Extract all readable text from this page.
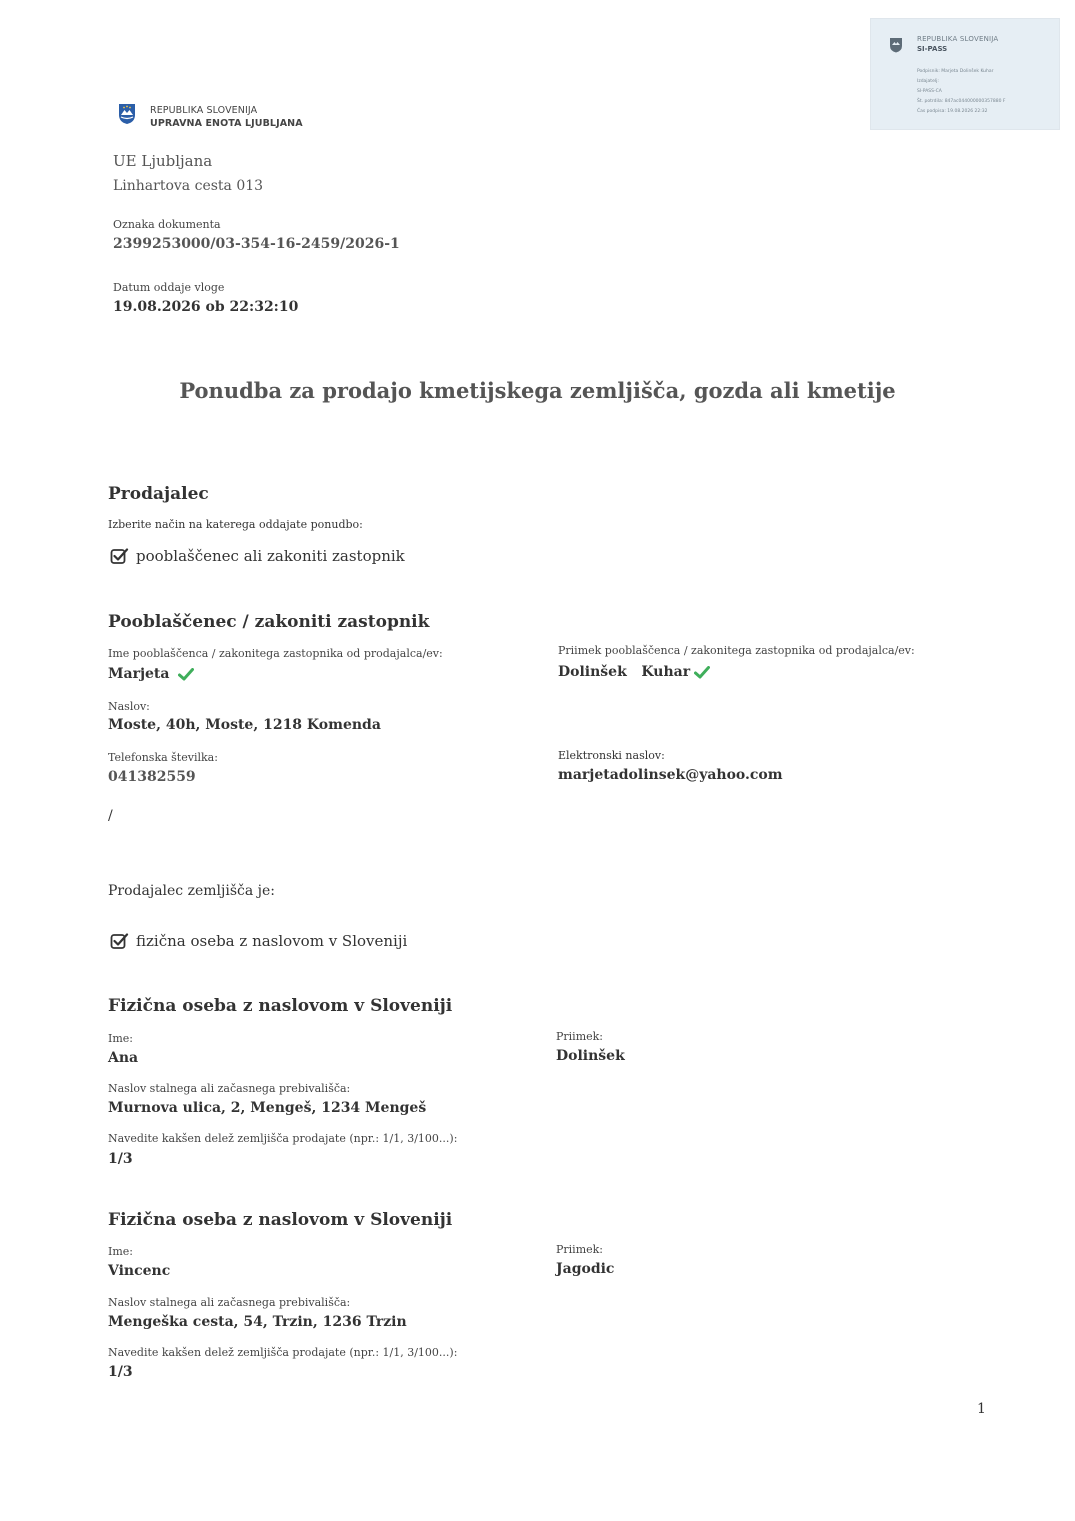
REPUBLIKA SLOVENIJA
SI-PASS
Podpisnik: Marjeta Dolinšek Kuhar
Izdajatelj:
SI-PASS-CA
Št. potrdila: 847ac044000000357880 F
Čas podpisa: 19.08.2026 22:32
REPUBLIKA SLOVENIJA
UPRAVNA ENOTA LJUBLJANA
UE Ljubljana
Linhartova cesta 013
Oznaka dokumenta
2399253000/03-354-16-2459/2026-1
Datum oddaje vloge
19.08.2026 ob 22:32:10
Ponudba za prodajo kmetijskega zemljišča, gozda ali kmetije
Prodajalec
Izberite način na katerega oddajate ponudbo:
pooblaščenec ali zakoniti zastopnik
Pooblaščenec / zakoniti zastopnik
Ime pooblaščenca / zakonitega zastopnika od prodajalca/ev:
Marjeta
Priimek pooblaščenca / zakonitega zastopnika od prodajalca/ev:
Dolinšek   Kuhar
Naslov:
Moste, 40h, Moste, 1218 Komenda
Telefonska številka:
041382559
Elektronski naslov:
marjetadolinsek@yahoo.com
/
Prodajalec zemljišča je:
fizična oseba z naslovom v Sloveniji
Fizična oseba z naslovom v Sloveniji
Ime:
Ana
Priimek:
Dolinšek
Naslov stalnega ali začasnega prebivališča:
Murnova ulica, 2, Mengeš, 1234 Mengeš
Navedite kakšen delež zemljišča prodajate (npr.: 1/1, 3/100...):
1/3
Fizična oseba z naslovom v Sloveniji
Ime:
Vincenc
Priimek:
Jagodic
Naslov stalnega ali začasnega prebivališča:
Mengeška cesta, 54, Trzin, 1236 Trzin
Navedite kakšen delež zemljišča prodajate (npr.: 1/1, 3/100...):
1/3
1
